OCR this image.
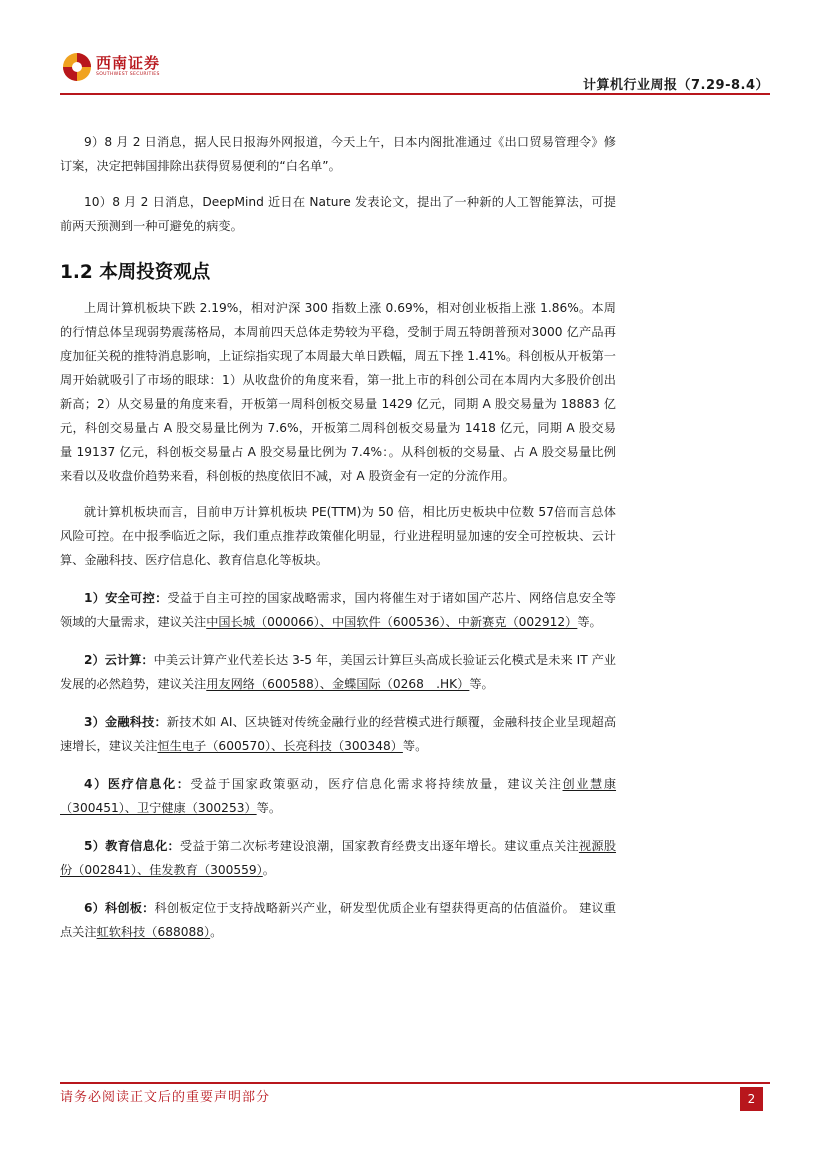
西南证券
SOUTHWEST SECURITIES
计算机行业周报（7.29-8.4）

9）8 月 2 日消息，据人民日报海外网报道，今天上午，日本内阁批准通过《出口贸易管理令》修订案，决定把韩国排除出获得贸易便利的“白名单”。

10）8 月 2 日消息，DeepMind 近日在 Nature 发表论文，提出了一种新的人工智能算法，可提前两天预测到一种可避免的病变。

1.2 本周投资观点

上周计算机板块下跌 2.19%，相对沪深 300 指数上涨 0.69%，相对创业板指上涨 1.86%。本周的行情总体呈现弱势震荡格局，本周前四天总体走势较为平稳，受制于周五特朗普预对3000 亿产品再度加征关税的推特消息影响，上证综指实现了本周最大单日跌幅，周五下挫 1.41%。科创板从开板第一周开始就吸引了市场的眼球：1）从收盘价的角度来看，第一批上市的科创公司在本周内大多股价创出新高；2）从交易量的角度来看，开板第一周科创板交易量 1429 亿元，同期 A 股交易量为 18883 亿元，科创交易量占 A 股交易量比例为 7.6%，开板第二周科创板交易量为 1418 亿元，同期 A 股交易量 19137 亿元，科创板交易量占 A 股交易量比例为 7.4%：。从科创板的交易量、占 A 股交易量比例来看以及收盘价趋势来看，科创板的热度依旧不减，对 A 股资金有一定的分流作用。

就计算机板块而言，目前申万计算机板块 PE(TTM)为 50 倍，相比历史板块中位数 57倍而言总体风险可控。在中报季临近之际，我们重点推荐政策催化明显，行业进程明显加速的安全可控板块、云计算、金融科技、医疗信息化、教育信息化等板块。

1）安全可控：受益于自主可控的国家战略需求，国内将催生对于诸如国产芯片、网络信息安全等领域的大量需求，建议关注中国长城（000066）、中国软件（600536）、中新赛克（002912）等。

2）云计算：中美云计算产业代差长达 3-5 年，美国云计算巨头高成长验证云化模式是未来 IT 产业发展的必然趋势，建议关注用友网络（600588）、金蝶国际（0268　.HK）等。

3）金融科技：新技术如 AI、区块链对传统金融行业的经营模式进行颠覆，金融科技企业呈现超高速增长，建议关注恒生电子（600570）、长亮科技（300348）等。

4）医疗信息化：受益于国家政策驱动，医疗信息化需求将持续放量，建议关注创业慧康（300451）、卫宁健康（300253）等。

5）教育信息化：受益于第二次标考建设浪潮，国家教育经费支出逐年增长。建议重点关注视源股份（002841）、佳发教育（300559）。

6）科创板：科创板定位于支持战略新兴产业，研发型优质企业有望获得更高的估值溢价。 建议重点关注虹软科技（688088）。

请务必阅读正文后的重要声明部分	2
